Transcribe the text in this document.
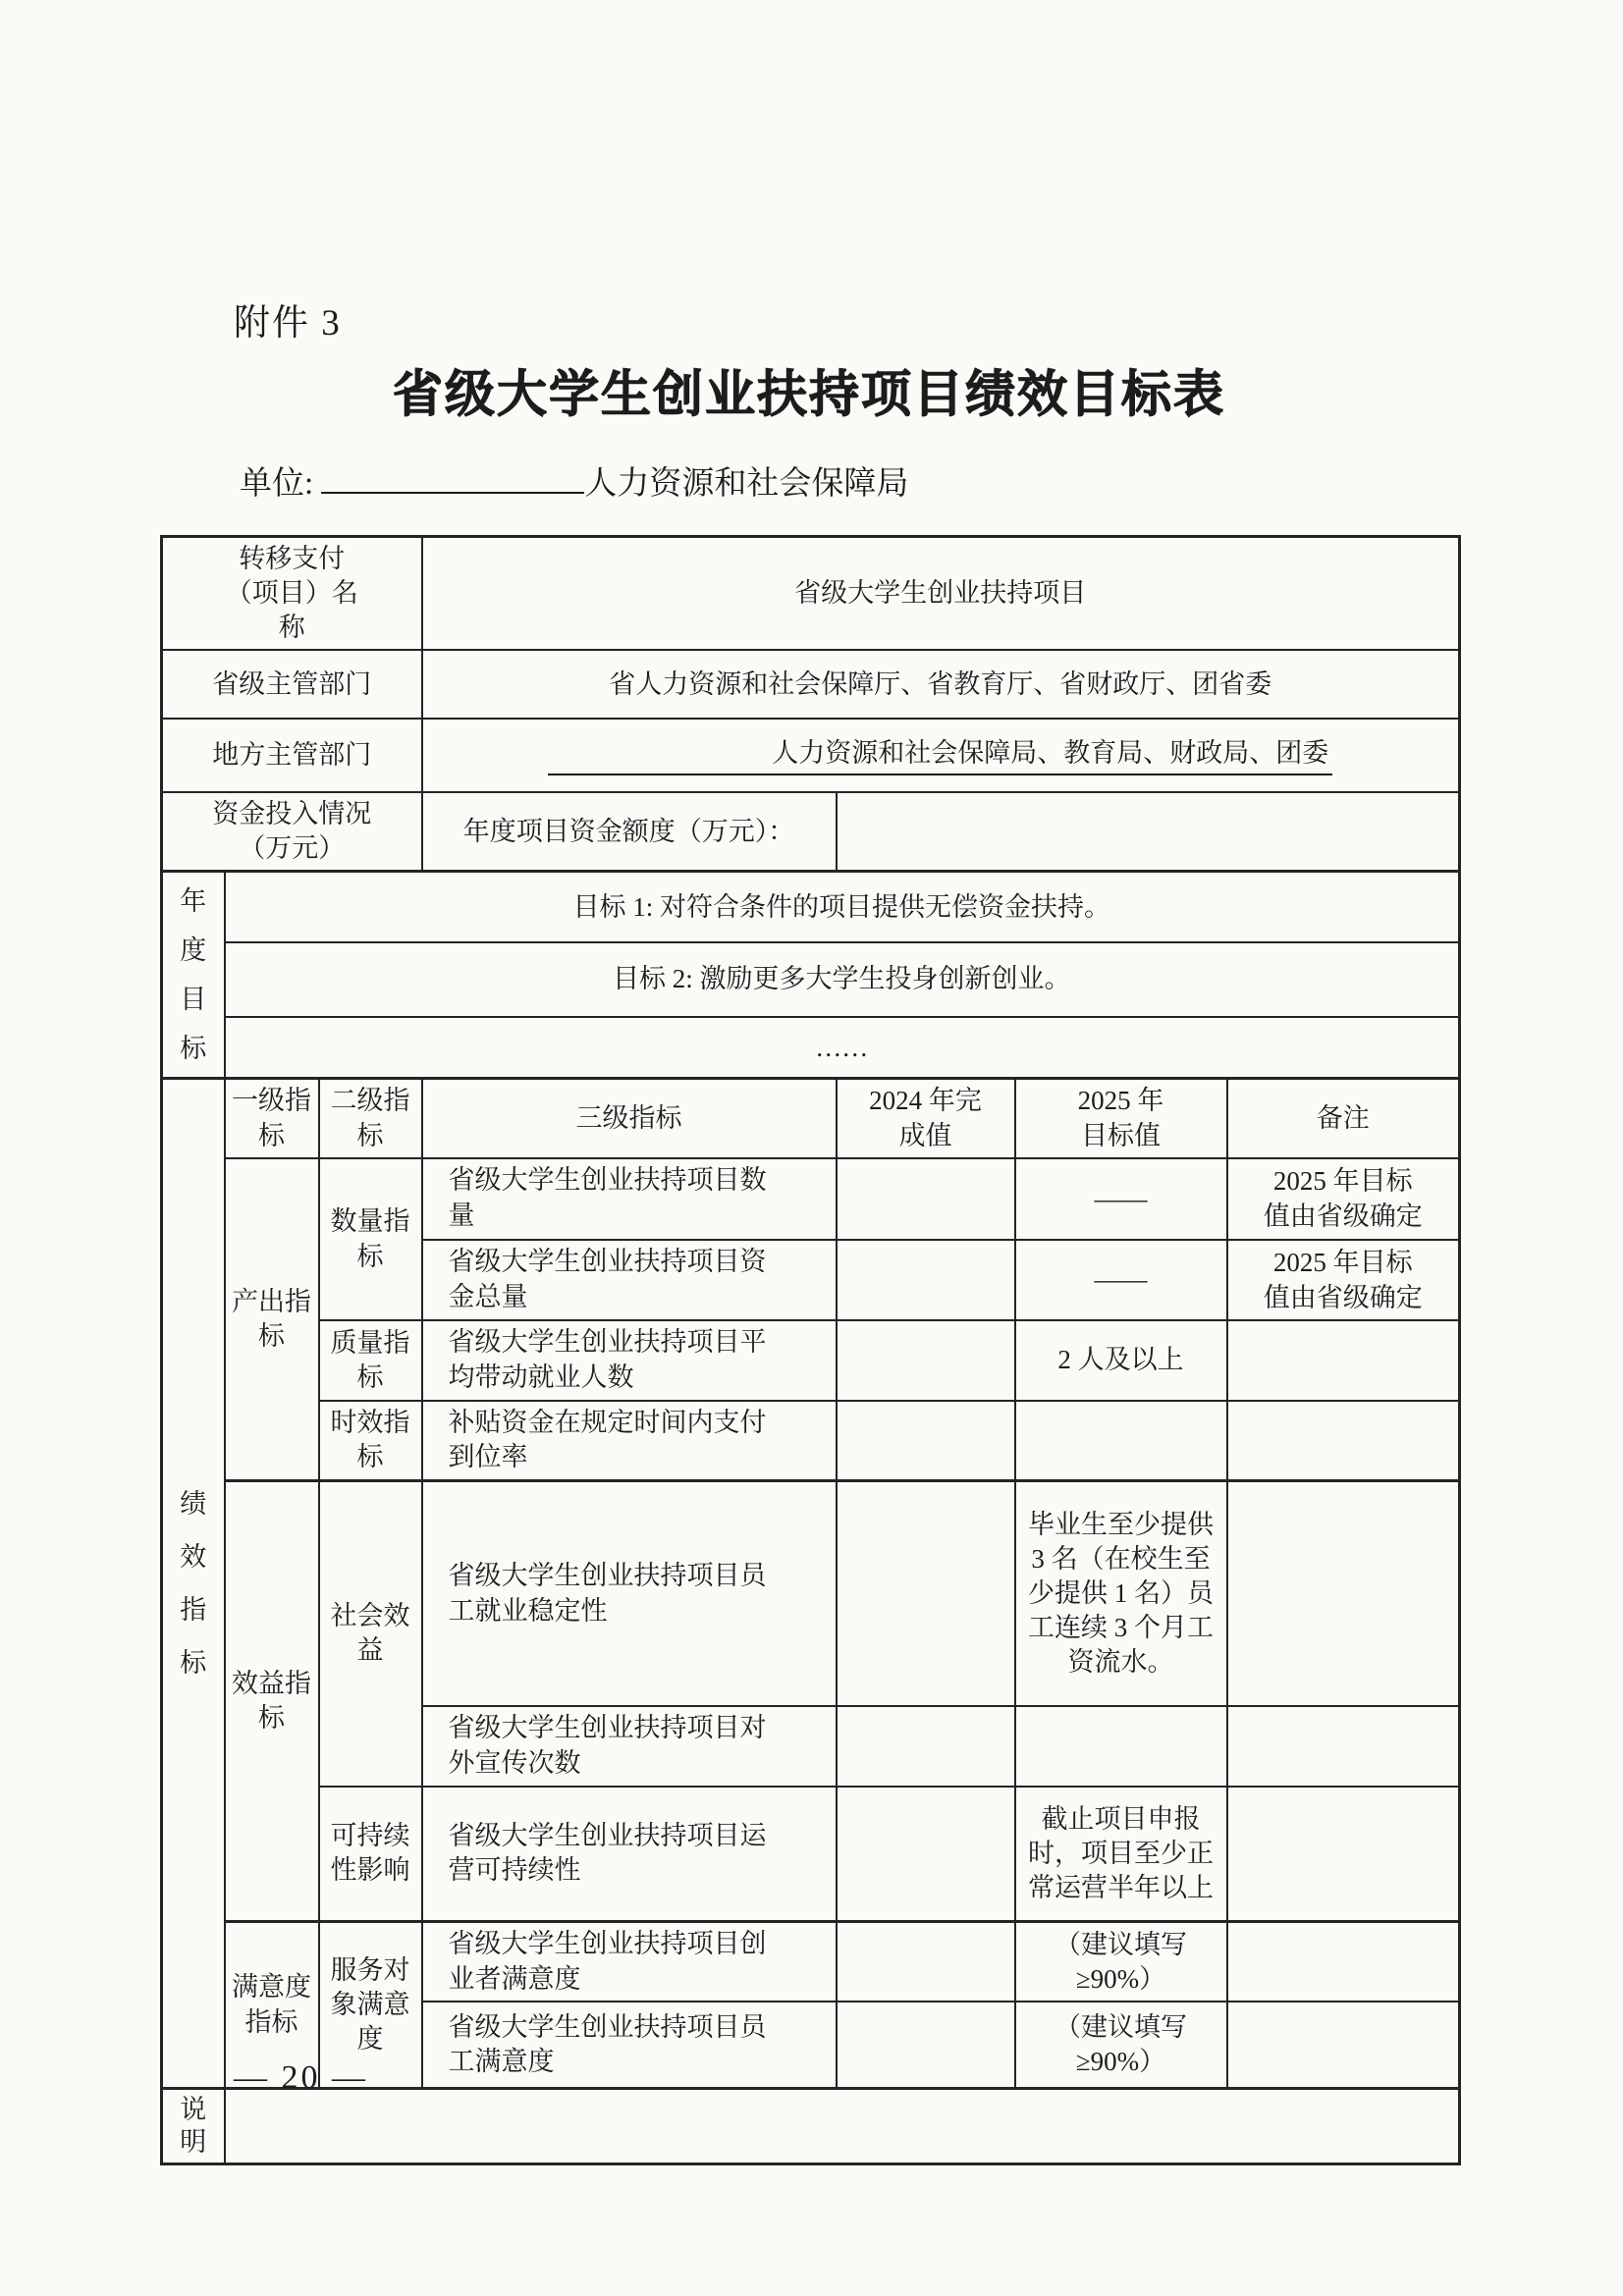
附件 3
省级大学生创业扶持项目绩效目标表
单位:	人力资源和社会保障局
转移支付（项目）名称			省级大学生创业扶持项目			
省级主管部门			省人力资源和社会保障厅、省教育厅、省财政厅、团省委			
地方主管部门			人力资源和社会保障局、教育局、财政局、团委			

资金投入情况（万元）			年度项目资金额度（万元）：			

年度目标	目标 1: 对符合条件的项目提供无偿资金扶持。					
	目标 2: 激励更多大学生投身创新创业。					
	……					

绩效指标	一级指标	二级指标	三级指标	2024 年完成值	2025 年目标值	备注
	产出指标	数量指标	省级大学生创业扶持项目数量		——	2025 年目标值由省级确定

			省级大学生创业扶持项目资金总量		——	2025 年目标值由省级确定

		质量指标	省级大学生创业扶持项目平均带动就业人数		2 人及以上	
		时效指标	补贴资金在规定时间内支付到位率			

	效益指标	社会效益	省级大学生创业扶持项目员工就业稳定性		毕业生至少提供 3 名（在校生至少提供 1 名）员工连续 3 个月工资流水。	

			省级大学生创业扶持项目对外宣传次数			

		可持续性影响	省级大学生创业扶持项目运营可持续性		截止项目申报时，项目至少正常运营半年以上	
	满意度指标	服务对象满意度	省级大学生创业扶持项目创业者满意度		（建议填写≥90%）	

			省级大学生创业扶持项目员工满意度		（建议填写≥90%）	

说明						

— 20 —
